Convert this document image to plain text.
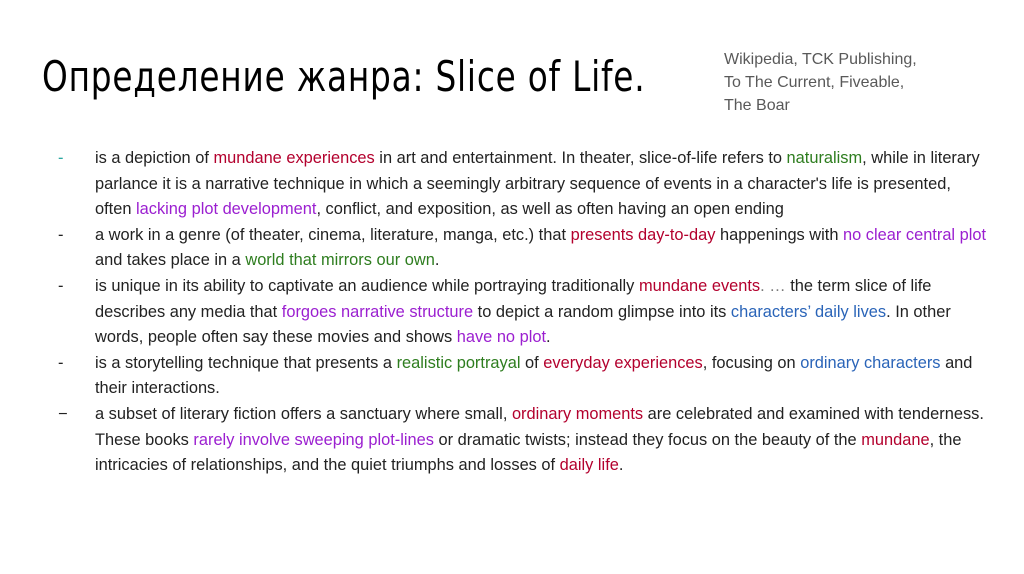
Определение жанра: Slice of Life.	Wikipedia, TCK Publishing,
To The Current, Fiveable,
The Boar
- is a depiction of mundane experiences in art and entertainment. In theater, slice-of-life refers to naturalism, while in literary parlance it is a narrative technique in which a seemingly arbitrary sequence of events in a character's life is presented, often lacking plot development, conflict, and exposition, as well as often having an open ending
- a work in a genre (of theater, cinema, literature, manga, etc.) that presents day-to-day happenings with no clear central plot and takes place in a world that mirrors our own.
- is unique in its ability to captivate an audience while portraying traditionally mundane events. … the term slice of life describes any media that forgoes narrative structure to depict a random glimpse into its characters’ daily lives. In other words, people often say these movies and shows have no plot.
- is a storytelling technique that presents a realistic portrayal of everyday experiences, focusing on ordinary characters and their interactions.
− a subset of literary fiction offers a sanctuary where small, ordinary moments are celebrated and examined with tenderness. These books rarely involve sweeping plot-lines or dramatic twists; instead they focus on the beauty of the mundane, the intricacies of relationships, and the quiet triumphs and losses of daily life.
